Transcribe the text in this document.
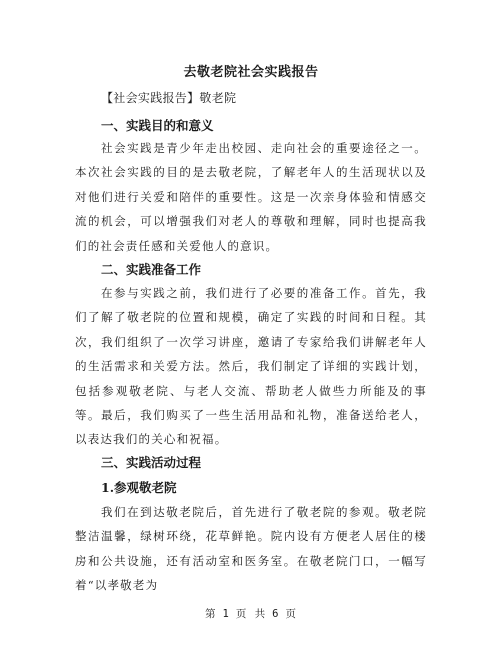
去敬老院社会实践报告
【社会实践报告】敬老院
一、实践目的和意义

社会实践是青少年走出校园、走向社会的重要途径之一。本次社会实践的目的是去敬老院，了解老年人的生活现状以及对他们进行关爱和陪伴的重要性。这是一次亲身体验和情感交流的机会，可以增强我们对老人的尊敬和理解，同时也提高我们的社会责任感和关爱他人的意识。

二、实践准备工作

在参与实践之前，我们进行了必要的准备工作。首先，我们了解了敬老院的位置和规模，确定了实践的时间和日程。其次，我们组织了一次学习讲座，邀请了专家给我们讲解老年人的生活需求和关爱方法。然后，我们制定了详细的实践计划，包括参观敬老院、与老人交流、帮助老人做些力所能及的事等。最后，我们购买了一些生活用品和礼物，准备送给老人，以表达我们的关心和祝福。

三、实践活动过程
1.参观敬老院

我们在到达敬老院后，首先进行了敬老院的参观。敬老院整洁温馨，绿树环绕，花草鲜艳。院内设有方便老人居住的楼房和公共设施，还有活动室和医务室。在敬老院门口，一幅写着“以孝敬老为

第 1 页 共 6 页
